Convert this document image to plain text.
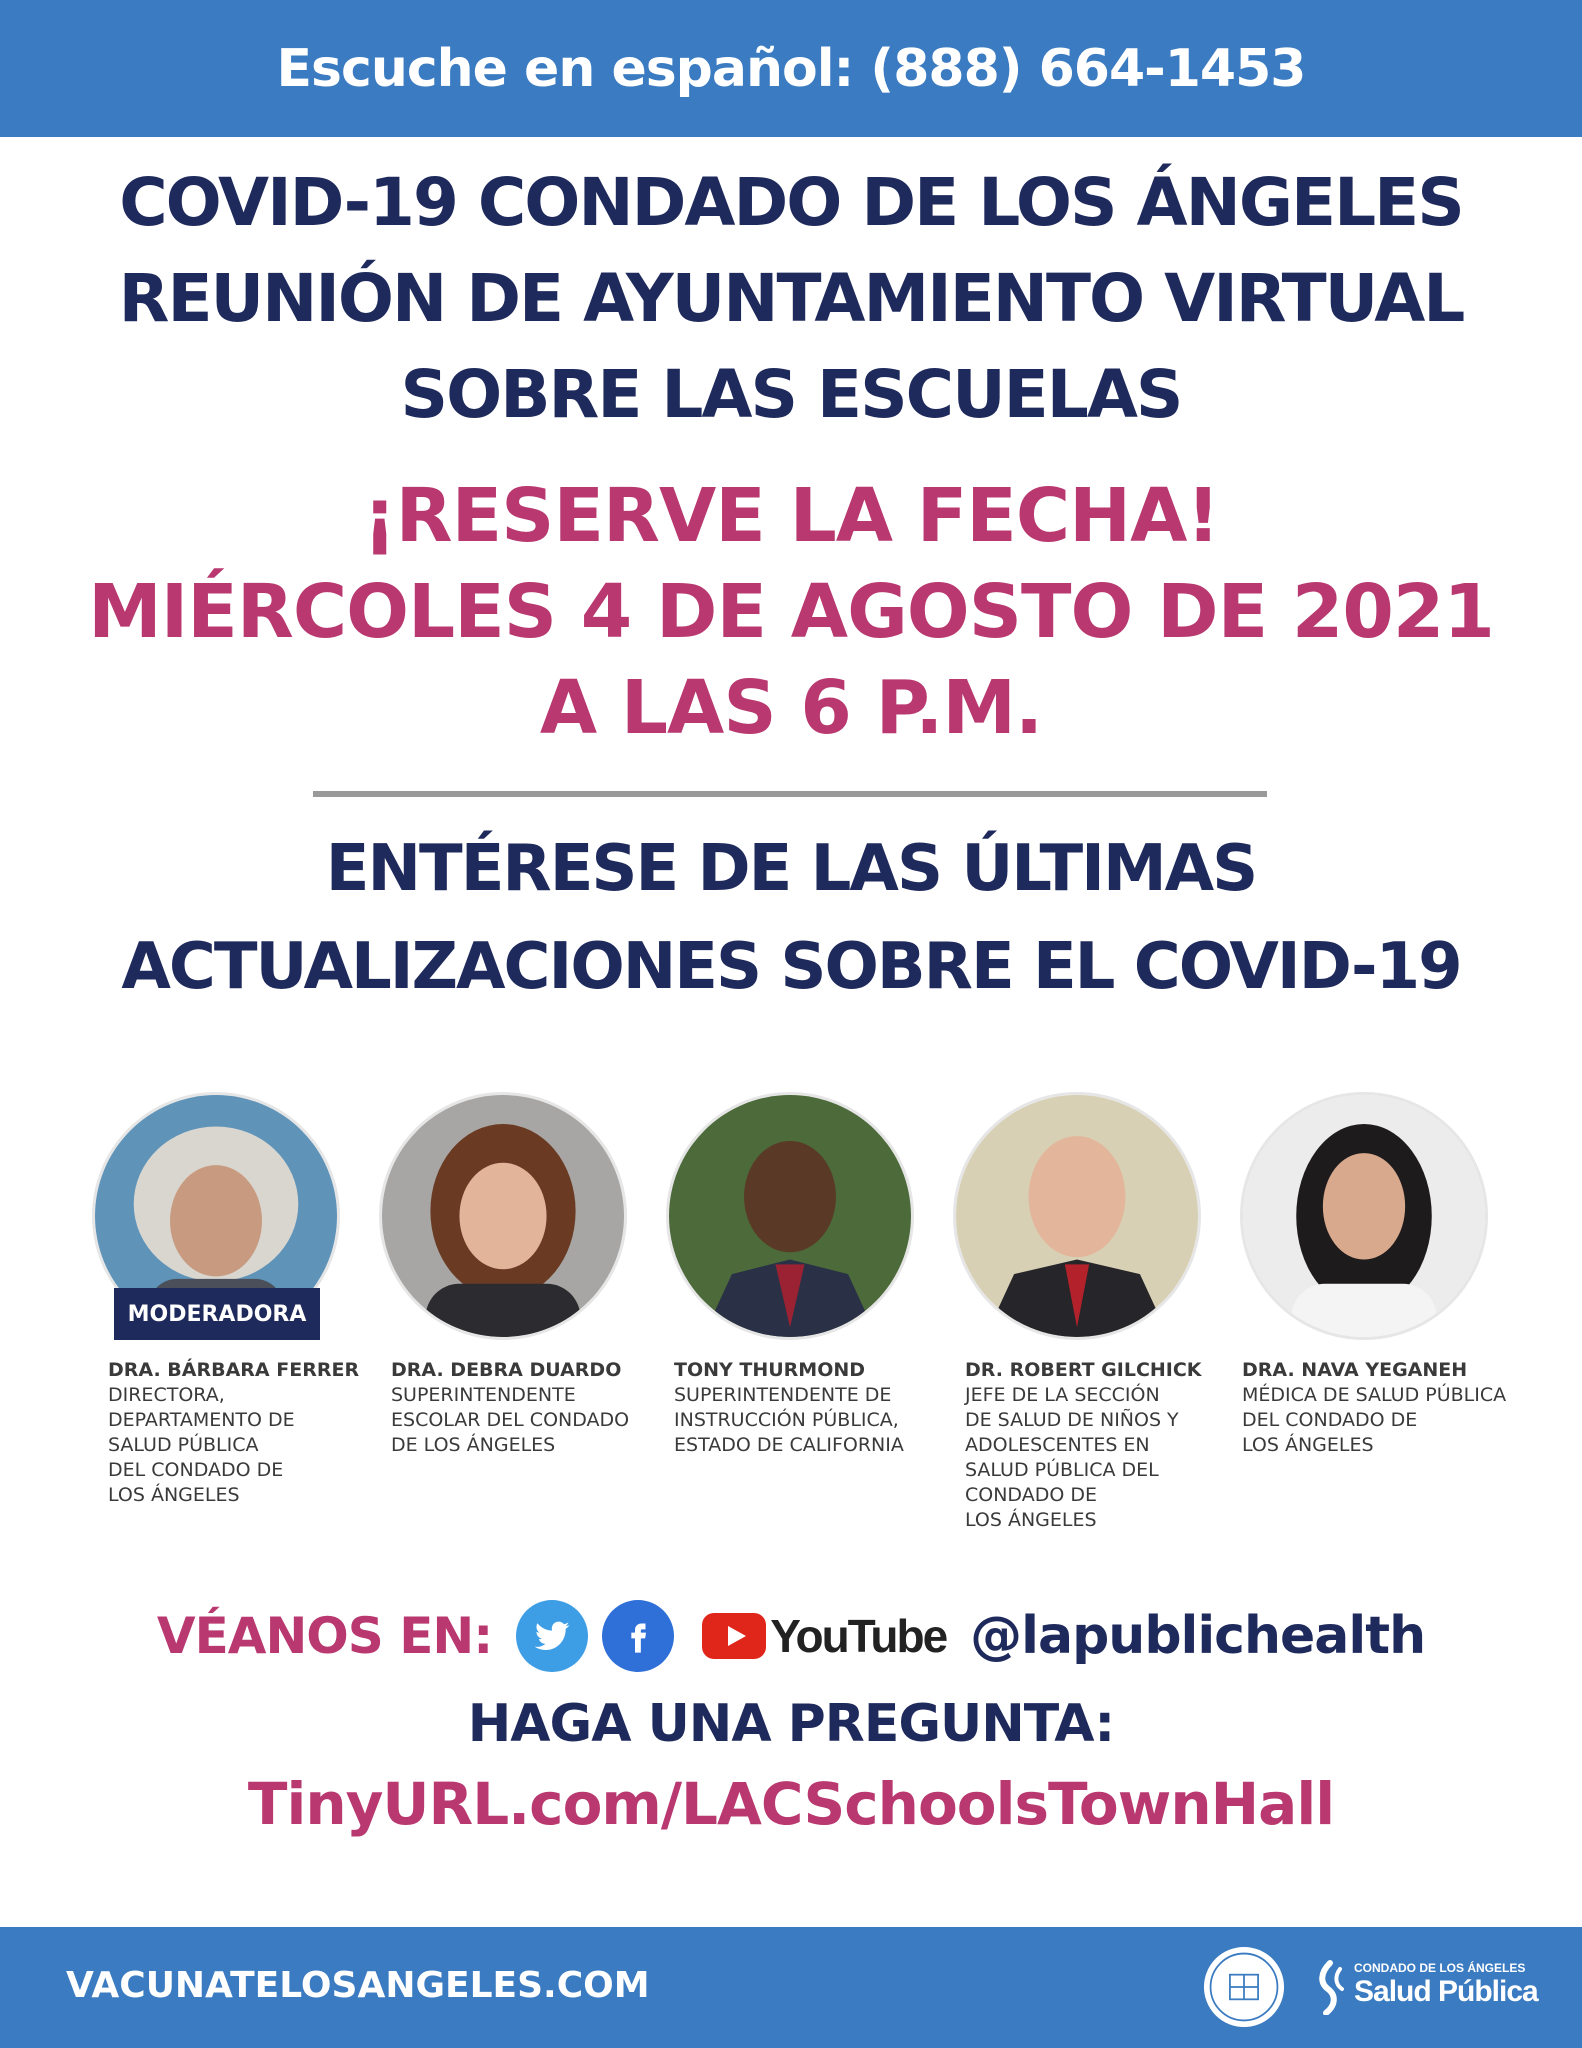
Escuche en español: (888) 664-1453
COVID-19 CONDADO DE LOS ÁNGELES
REUNIÓN DE AYUNTAMIENTO VIRTUAL
SOBRE LAS ESCUELAS
¡RESERVE LA FECHA!
MIÉRCOLES 4 DE AGOSTO DE 2021
A LAS 6 P.M.
ENTÉRESE DE LAS ÚLTIMAS
ACTUALIZACIONES SOBRE EL COVID-19
MODERADORA
DRA. BÁRBARA FERRER
DIRECTORA,
DEPARTAMENTO DE
SALUD PÚBLICA
DEL CONDADO DE
LOS ÁNGELES
DRA. DEBRA DUARDO
SUPERINTENDENTE
ESCOLAR DEL CONDADO
DE LOS ÁNGELES
TONY THURMOND
SUPERINTENDENTE DE
INSTRUCCIÓN PÚBLICA,
ESTADO DE CALIFORNIA
DR. ROBERT GILCHICK
JEFE DE LA SECCIÓN
DE SALUD DE NIÑOS Y
ADOLESCENTES EN
SALUD PÚBLICA DEL
CONDADO DE
LOS ÁNGELES
DRA. NAVA YEGANEH
MÉDICA DE SALUD PÚBLICA
DEL CONDADO DE
LOS ÁNGELES
VÉANOS EN:	YouTube @lapublichealth
HAGA UNA PREGUNTA:
TinyURL.com/LACSchoolsTownHall
VACUNATELOSANGELES.COM	CONDADO DE LOS ÁNGELES
Salud Pública
